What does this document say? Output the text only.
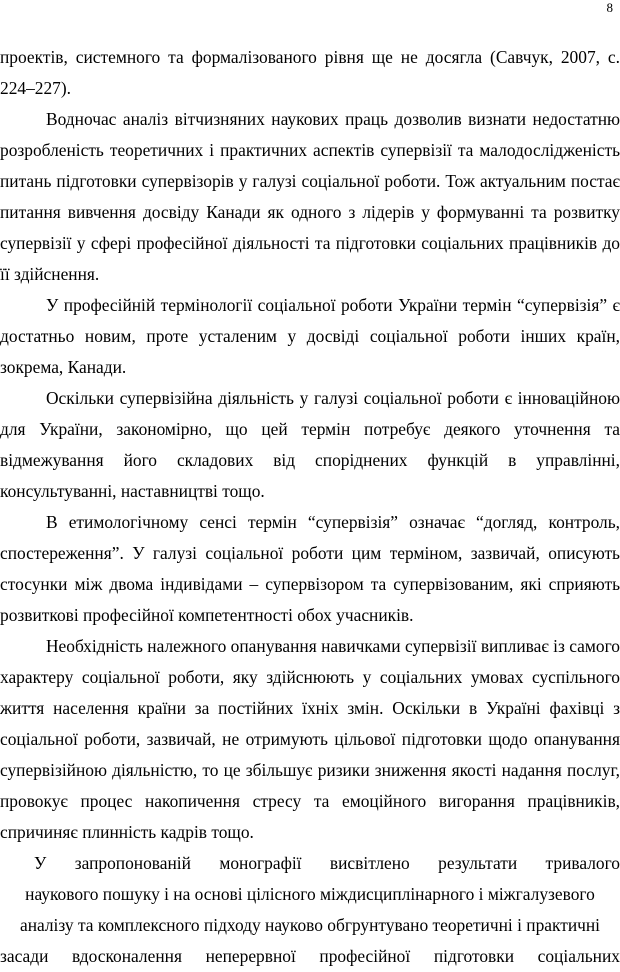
8

проектів, системного та формалізованого рівня ще не досягла (Савчук, 2007, с. 224–227).

Водночас аналіз вітчизняних наукових праць дозволив визнати недостатню розробленість теоретичних і практичних аспектів супервізії та малодослідженість питань підготовки супервізорів у галузі соціальної роботи. Тож актуальним постає питання вивчення досвіду Канади як одного з лідерів у формуванні та розвитку супервізії у сфері професійної діяльності та підготовки соціальних працівників до її здійснення.

У професійній термінології соціальної роботи України термін “супервізія” є достатньо новим, проте усталеним у досвіді соціальної роботи інших країн, зокрема, Канади.

Оскільки супервізійна діяльність у галузі соціальної роботи є інноваційною для України, закономірно, що цей термін потребує деякого уточнення та відмежування його складових від споріднених функцій в управлінні, консультуванні, наставництві тощо.

В етимологічному сенсі термін “супервізія” означає “догляд, контроль, спостереження”. У галузі соціальної роботи цим терміном, зазвичай, описують стосунки між двома індивідами – супервізором та супервізованим, які сприяють розвиткові професійної компетентності обох учасників.

Необхідність належного опанування навичками супервізії випливає із самого характеру соціальної роботи, яку здійснюють у соціальних умовах суспільного життя населення країни за постійних їхніх змін. Оскільки в Україні фахівці з соціальної роботи, зазвичай, не отримують цільової підготовки щодо опанування супервізійною діяльністю, то це збільшує ризики зниження якості надання послуг, провокує процес накопичення стресу та емоційного вигорання працівників, спричиняє плинність кадрів тощо.

У запропонованій монографії висвітлено результати тривалого
наукового пошуку і на основі цілісного міждисциплінарного і міжгалузевого
аналізу та комплексного підходу науково обгрунтувано теоретичні і практичні
засади вдосконалення неперервної професійної підготовки соціальних
